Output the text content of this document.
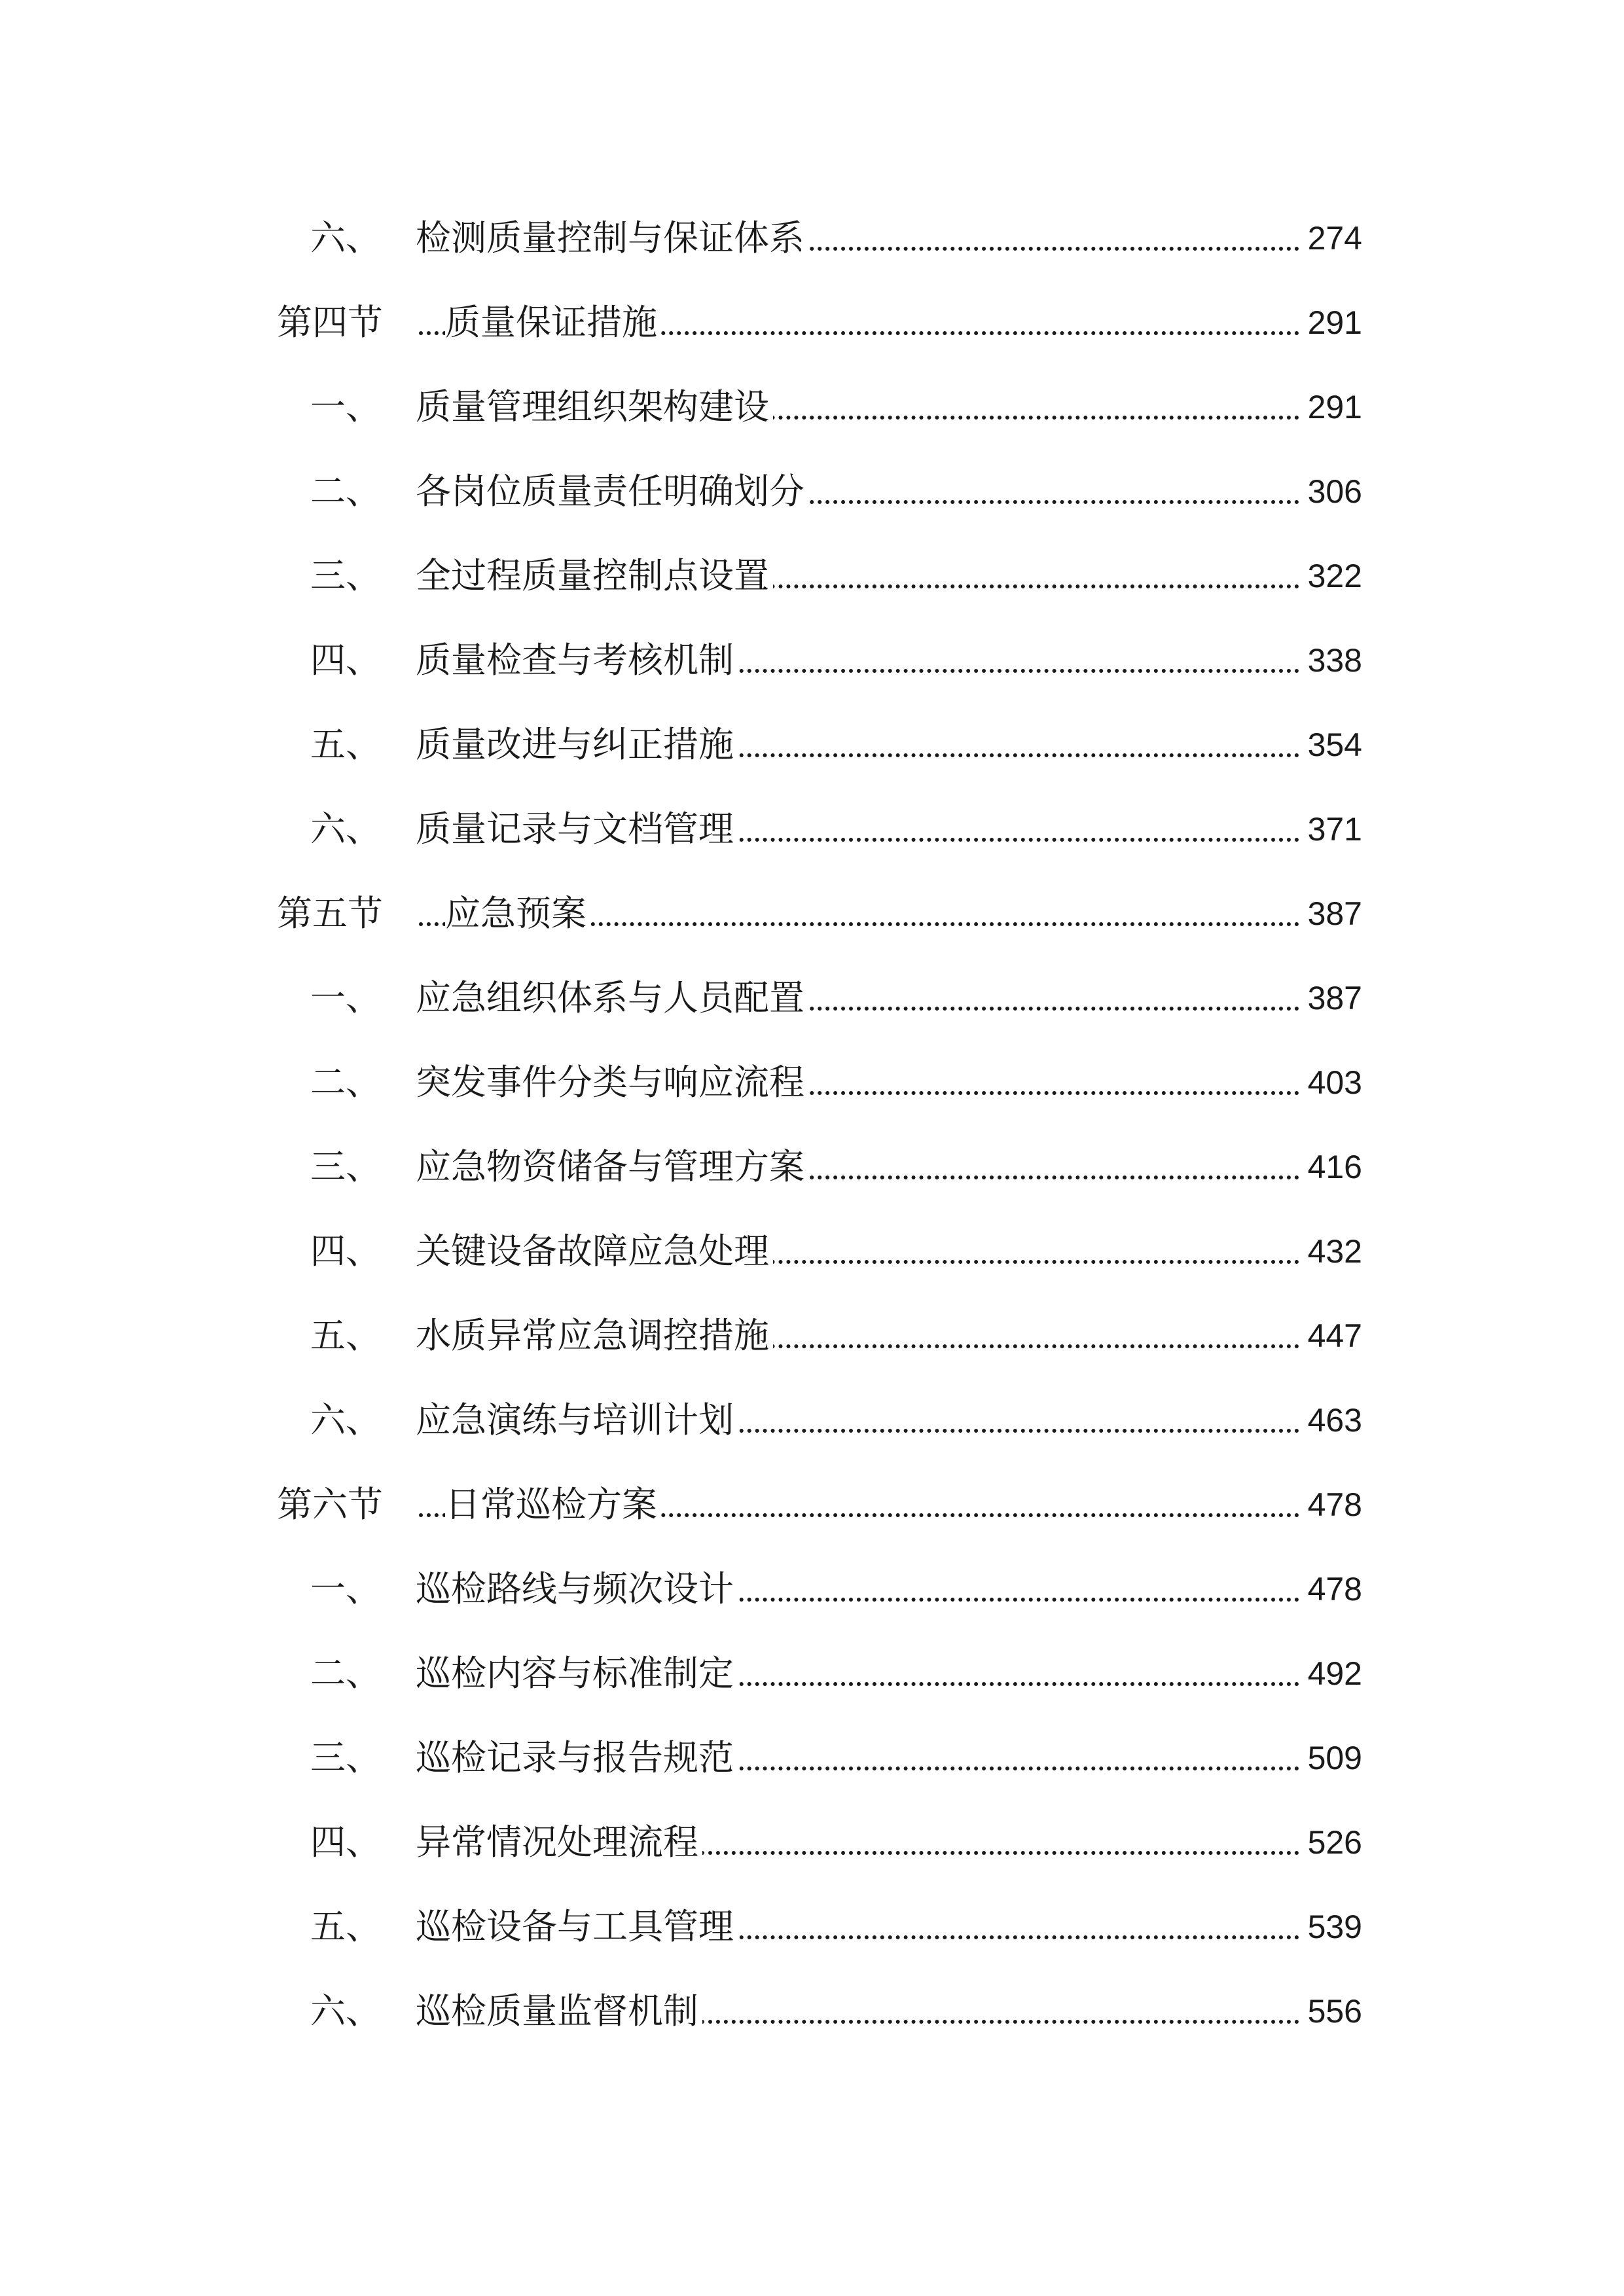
六、 检测质量控制与保证体系	274
第四节 质量保证措施	291
一、 质量管理组织架构建设	291
二、 各岗位质量责任明确划分	306
三、 全过程质量控制点设置	322
四、 质量检查与考核机制	338
五、 质量改进与纠正措施	354
六、 质量记录与文档管理	371
第五节 应急预案	387
一、 应急组织体系与人员配置	387
二、 突发事件分类与响应流程	403
三、 应急物资储备与管理方案	416
四、 关键设备故障应急处理	432
五、 水质异常应急调控措施	447
六、 应急演练与培训计划	463
第六节 日常巡检方案	478
一、 巡检路线与频次设计	478
二、 巡检内容与标准制定	492
三、 巡检记录与报告规范	509
四、 异常情况处理流程	526
五、 巡检设备与工具管理	539
六、 巡检质量监督机制	556
